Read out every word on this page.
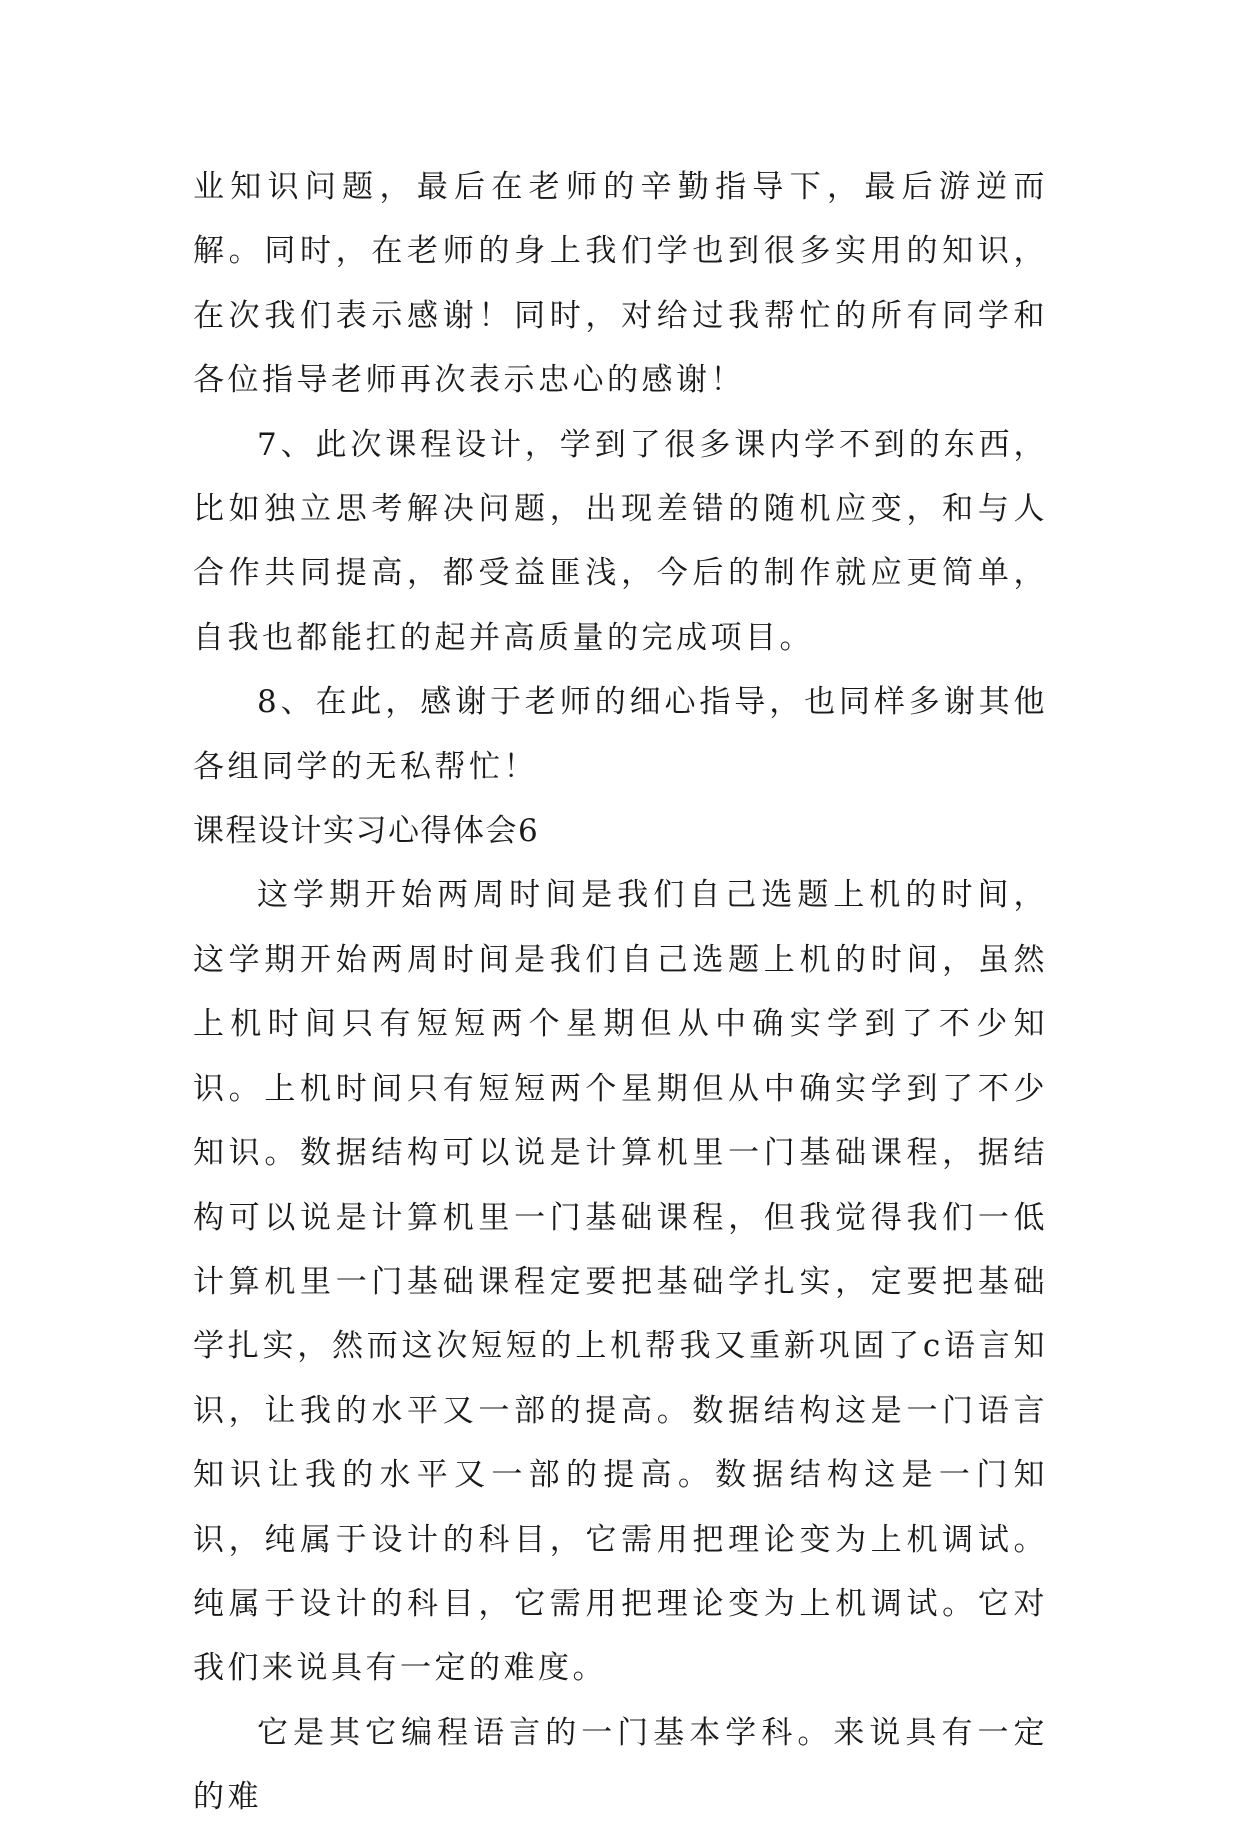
业知识问题，最后在老师的辛勤指导下，最后游逆而解。同时，在老师的身上我们学也到很多实用的知识，在次我们表示感谢！同时，对给过我帮忙的所有同学和各位指导老师再次表示忠心的感谢！

7、此次课程设计，学到了很多课内学不到的东西，比如独立思考解决问题，出现差错的随机应变，和与人合作共同提高，都受益匪浅，今后的制作就应更简单，自我也都能扛的起并高质量的完成项目。

8、在此，感谢于老师的细心指导，也同样多谢其他各组同学的无私帮忙！

课程设计实习心得体会6

这学期开始两周时间是我们自己选题上机的时间，这学期开始两周时间是我们自己选题上机的时间，虽然上机时间只有短短两个星期但从中确实学到了不少知识。上机时间只有短短两个星期但从中确实学到了不少知识。数据结构可以说是计算机里一门基础课程，据结构可以说是计算机里一门基础课程，但我觉得我们一低计算机里一门基础课程定要把基础学扎实，定要把基础学扎实，然而这次短短的上机帮我又重新巩固了c语言知识，让我的水平又一部的提高。数据结构这是一门语言知识让我的水平又一部的提高。数据结构这是一门知识，纯属于设计的科目，它需用把理论变为上机调试。纯属于设计的科目，它需用把理论变为上机调试。它对我们来说具有一定的难度。

它是其它编程语言的一门基本学科。来说具有一定的难
